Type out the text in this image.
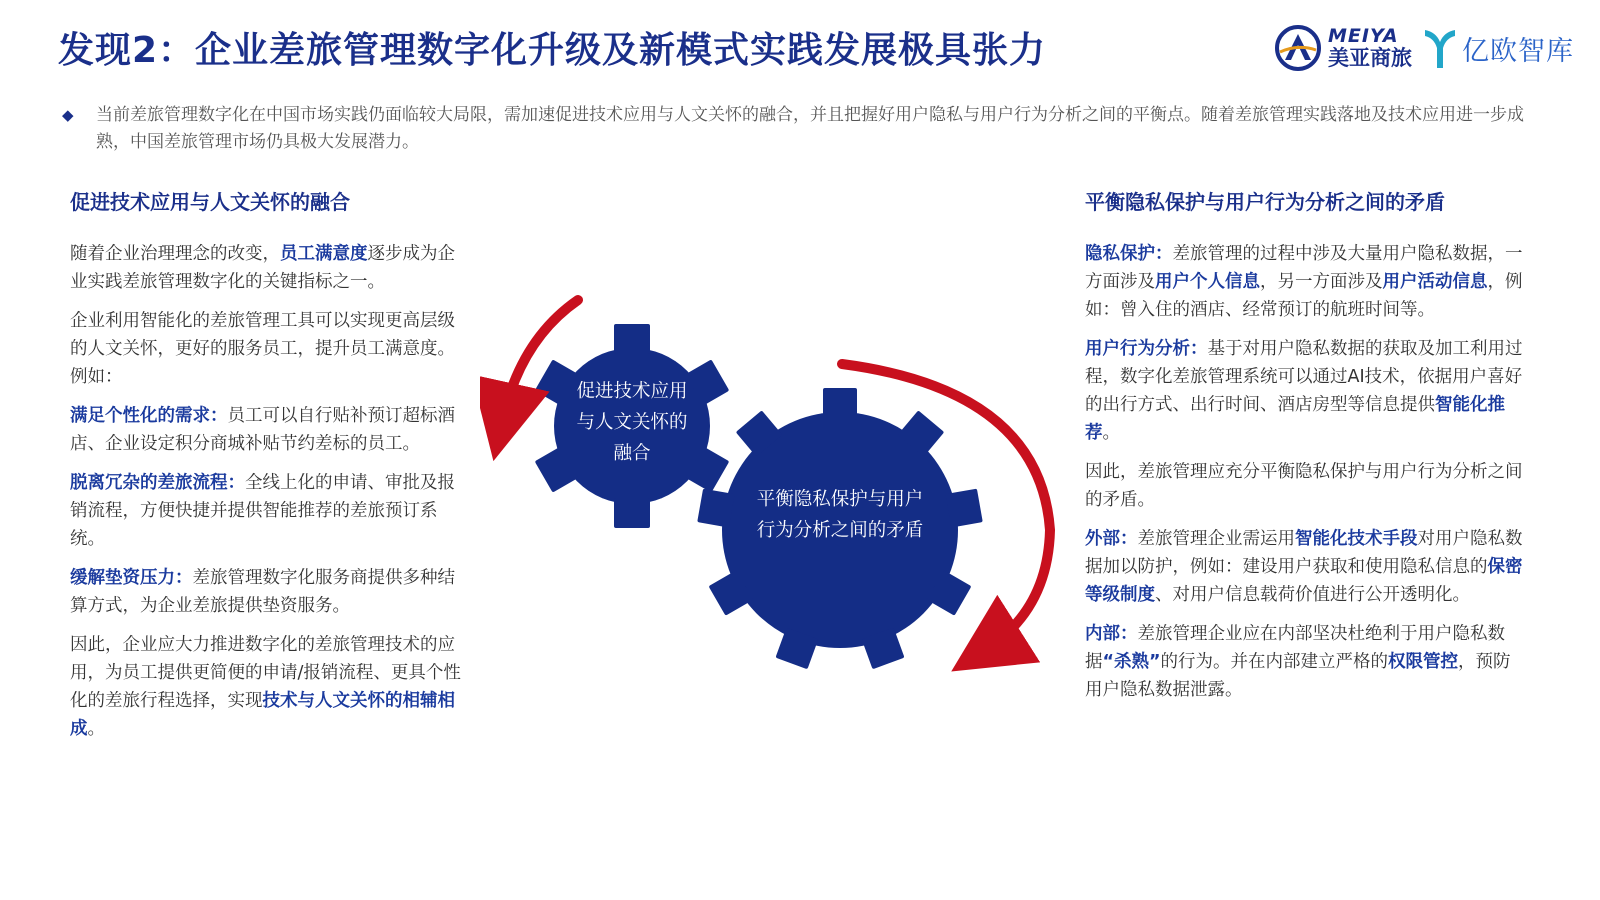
发现2：企业差旅管理数字化升级及新模式实践发展极具张力	MEIYA
美亚商旅 亿欧智库
◆ 当前差旅管理数字化在中国市场实践仍面临较大局限，需加速促进技术应用与人文关怀的融合，并且把握好用户隐私与用户行为分析之间的平衡点。随着差旅管理实践落地及技术应用进一步成熟，中国差旅管理市场仍具极大发展潜力。
促进技术应用与人文关怀的融合
随着企业治理理念的改变，员工满意度逐步成为企业实践差旅管理数字化的关键指标之一。
企业利用智能化的差旅管理工具可以实现更高层级的人文关怀，更好的服务员工，提升员工满意度。例如：
满足个性化的需求：员工可以自行贴补预订超标酒店、企业设定积分商城补贴节约差标的员工。
脱离冗杂的差旅流程：全线上化的申请、审批及报销流程，方便快捷并提供智能推荐的差旅预订系统。
缓解垫资压力：差旅管理数字化服务商提供多种结算方式，为企业差旅提供垫资服务。
因此，企业应大力推进数字化的差旅管理技术的应用，为员工提供更简便的申请/报销流程、更具个性化的差旅行程选择，实现技术与人文关怀的相辅相成。
促进技术应用与人文关怀的融合
平衡隐私保护与用户行为分析之间的矛盾
平衡隐私保护与用户行为分析之间的矛盾
隐私保护：差旅管理的过程中涉及大量用户隐私数据，一方面涉及用户个人信息，另一方面涉及用户活动信息，例如：曾入住的酒店、经常预订的航班时间等。
用户行为分析：基于对用户隐私数据的获取及加工利用过程，数字化差旅管理系统可以通过AI技术，依据用户喜好的出行方式、出行时间、酒店房型等信息提供智能化推荐。
因此，差旅管理应充分平衡隐私保护与用户行为分析之间的矛盾。
外部：差旅管理企业需运用智能化技术手段对用户隐私数据加以防护，例如：建设用户获取和使用隐私信息的保密等级制度、对用户信息载荷价值进行公开透明化。
内部：差旅管理企业应在内部坚决杜绝利于用户隐私数据“杀熟”的行为。并在内部建立严格的权限管控，预防用户隐私数据泄露。
